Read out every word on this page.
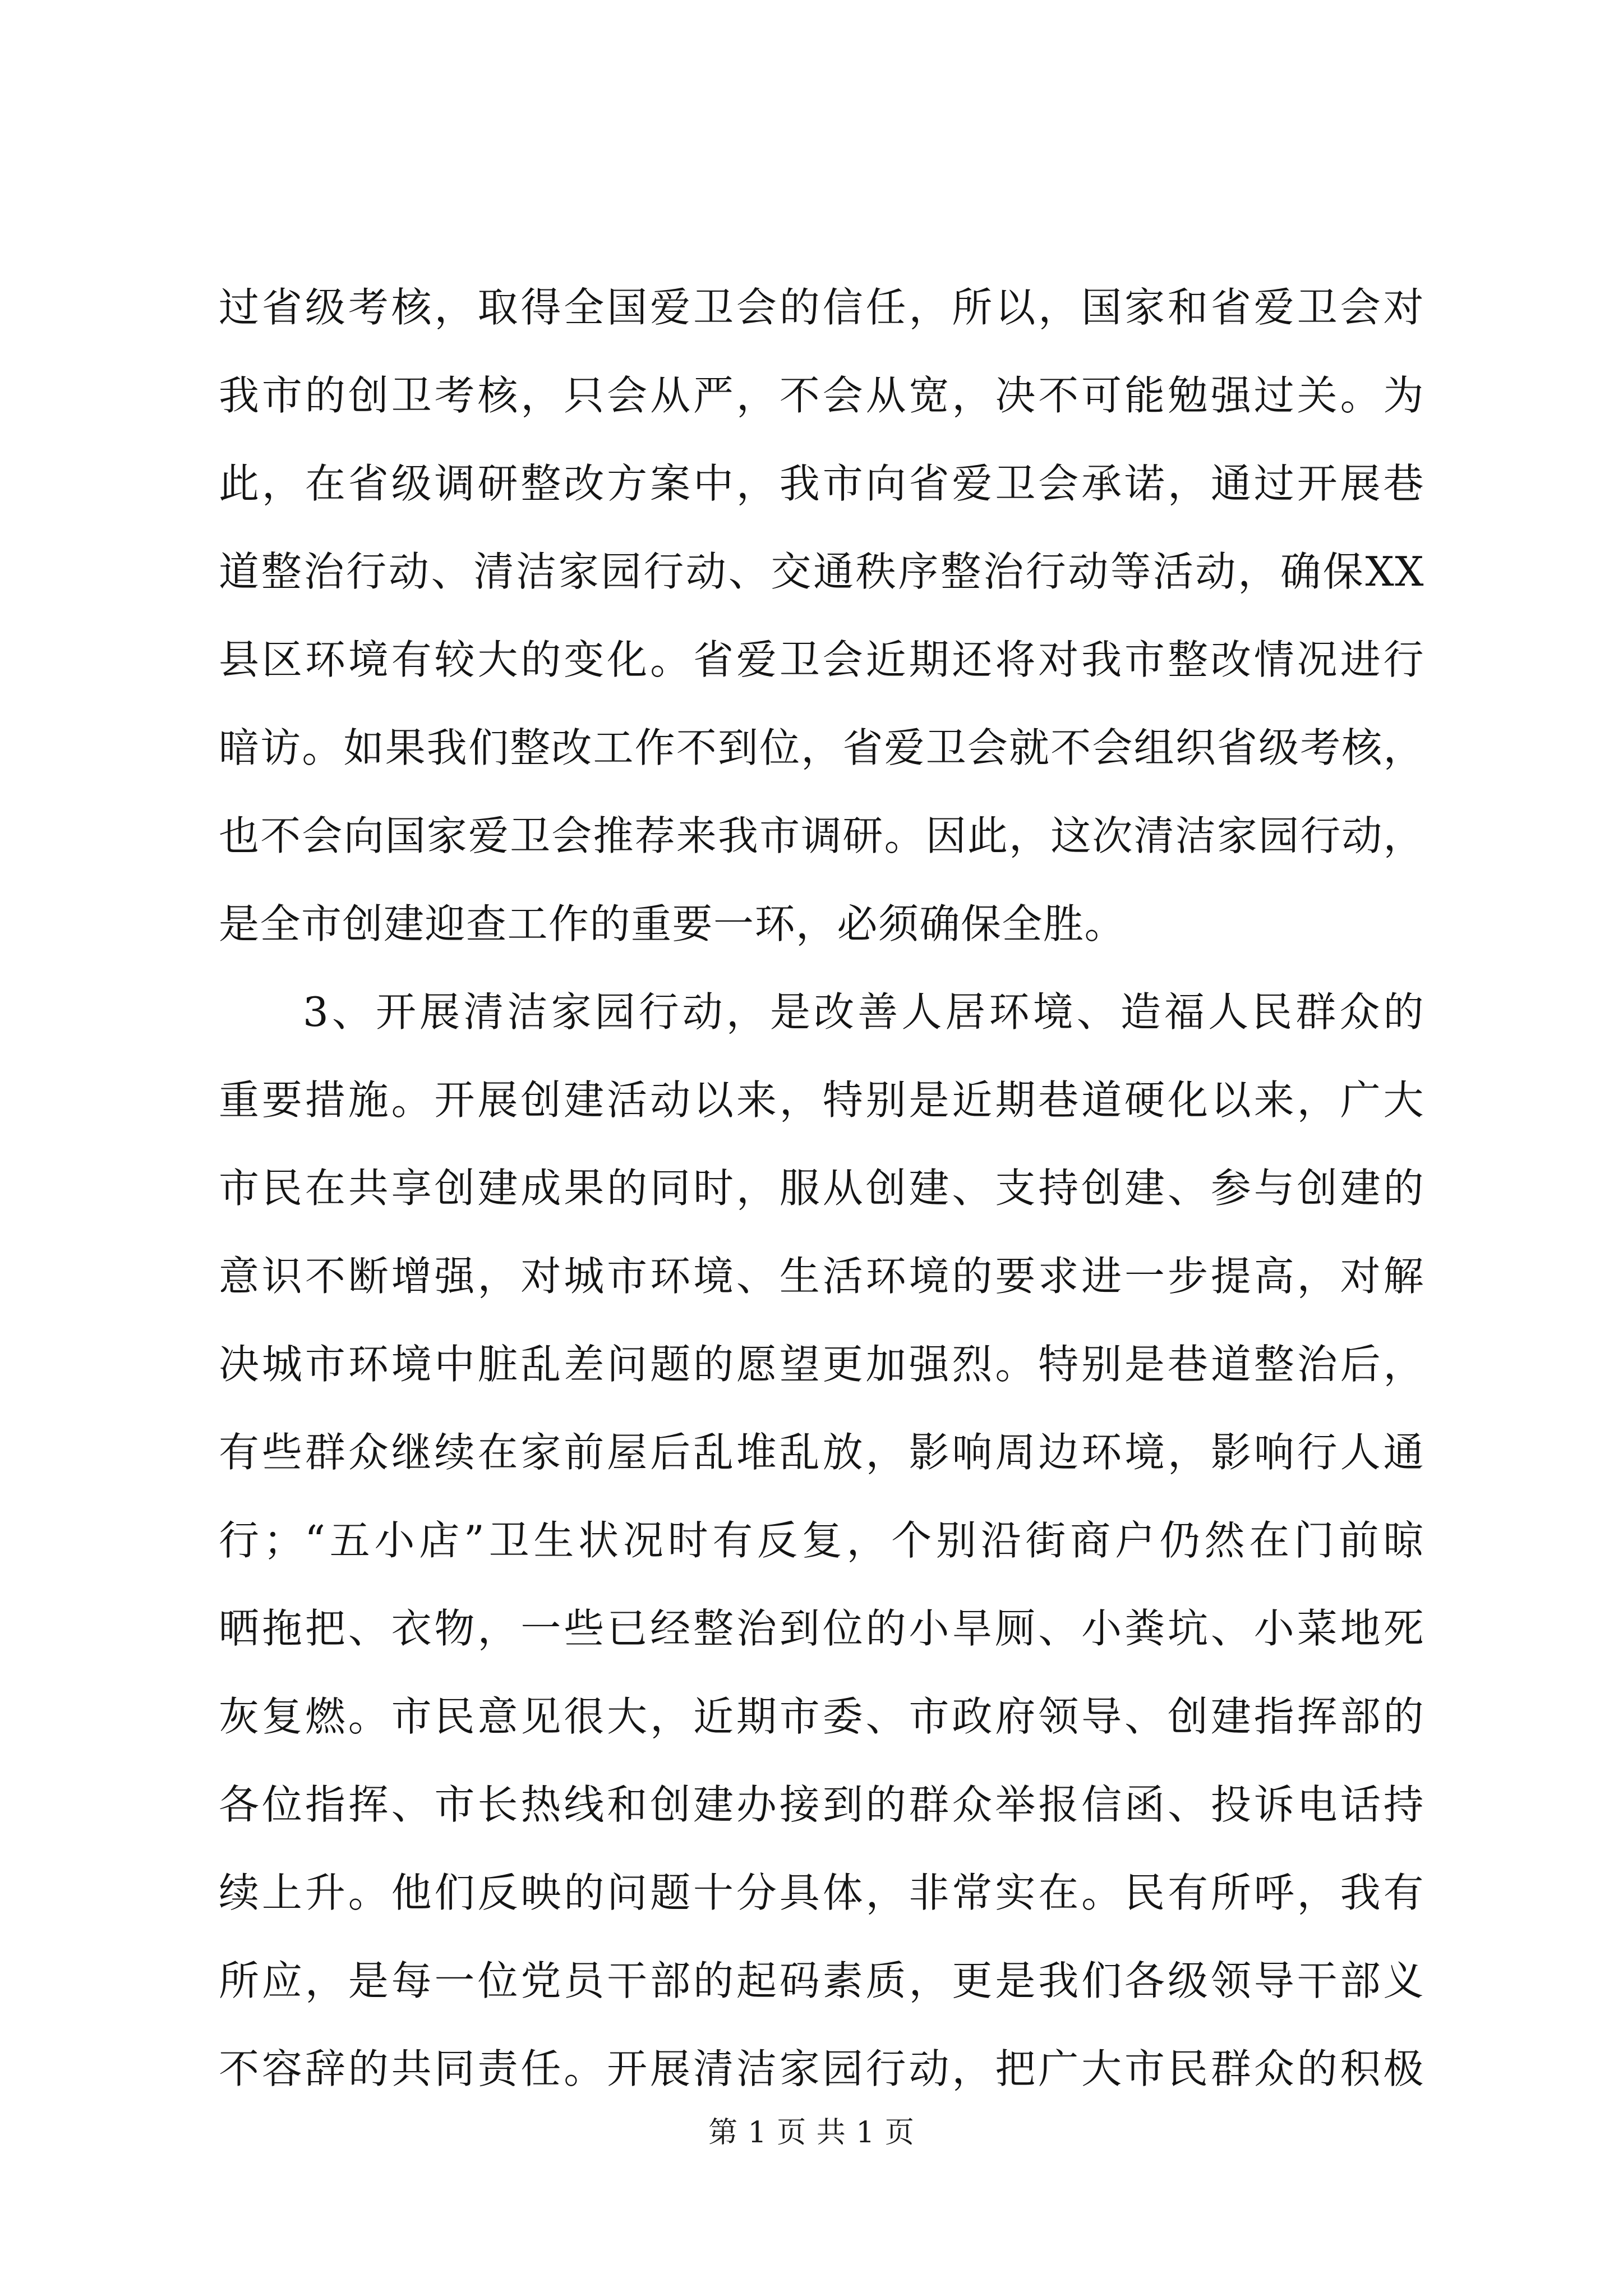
过省级考核，取得全国爱卫会的信任，所以，国家和省爱卫会对
我市的创卫考核，只会从严，不会从宽，决不可能勉强过关。为
此，在省级调研整改方案中，我市向省爱卫会承诺，通过开展巷
道整治行动、清洁家园行动、交通秩序整治行动等活动，确保XX
县区环境有较大的变化。省爱卫会近期还将对我市整改情况进行
暗访。如果我们整改工作不到位，省爱卫会就不会组织省级考核，
也不会向国家爱卫会推荐来我市调研。因此，这次清洁家园行动，
是全市创建迎查工作的重要一环，必须确保全胜。
3、开展清洁家园行动，是改善人居环境、造福人民群众的
重要措施。开展创建活动以来，特别是近期巷道硬化以来，广大
市民在共享创建成果的同时，服从创建、支持创建、参与创建的
意识不断增强，对城市环境、生活环境的要求进一步提高，对解
决城市环境中脏乱差问题的愿望更加强烈。特别是巷道整治后，
有些群众继续在家前屋后乱堆乱放，影响周边环境，影响行人通
行；“五小店”卫生状况时有反复，个别沿街商户仍然在门前晾
晒拖把、衣物，一些已经整治到位的小旱厕、小粪坑、小菜地死
灰复燃。市民意见很大，近期市委、市政府领导、创建指挥部的
各位指挥、市长热线和创建办接到的群众举报信函、投诉电话持
续上升。他们反映的问题十分具体，非常实在。民有所呼，我有
所应，是每一位党员干部的起码素质，更是我们各级领导干部义
不容辞的共同责任。开展清洁家园行动，把广大市民群众的积极
第 1 页 共 1 页
